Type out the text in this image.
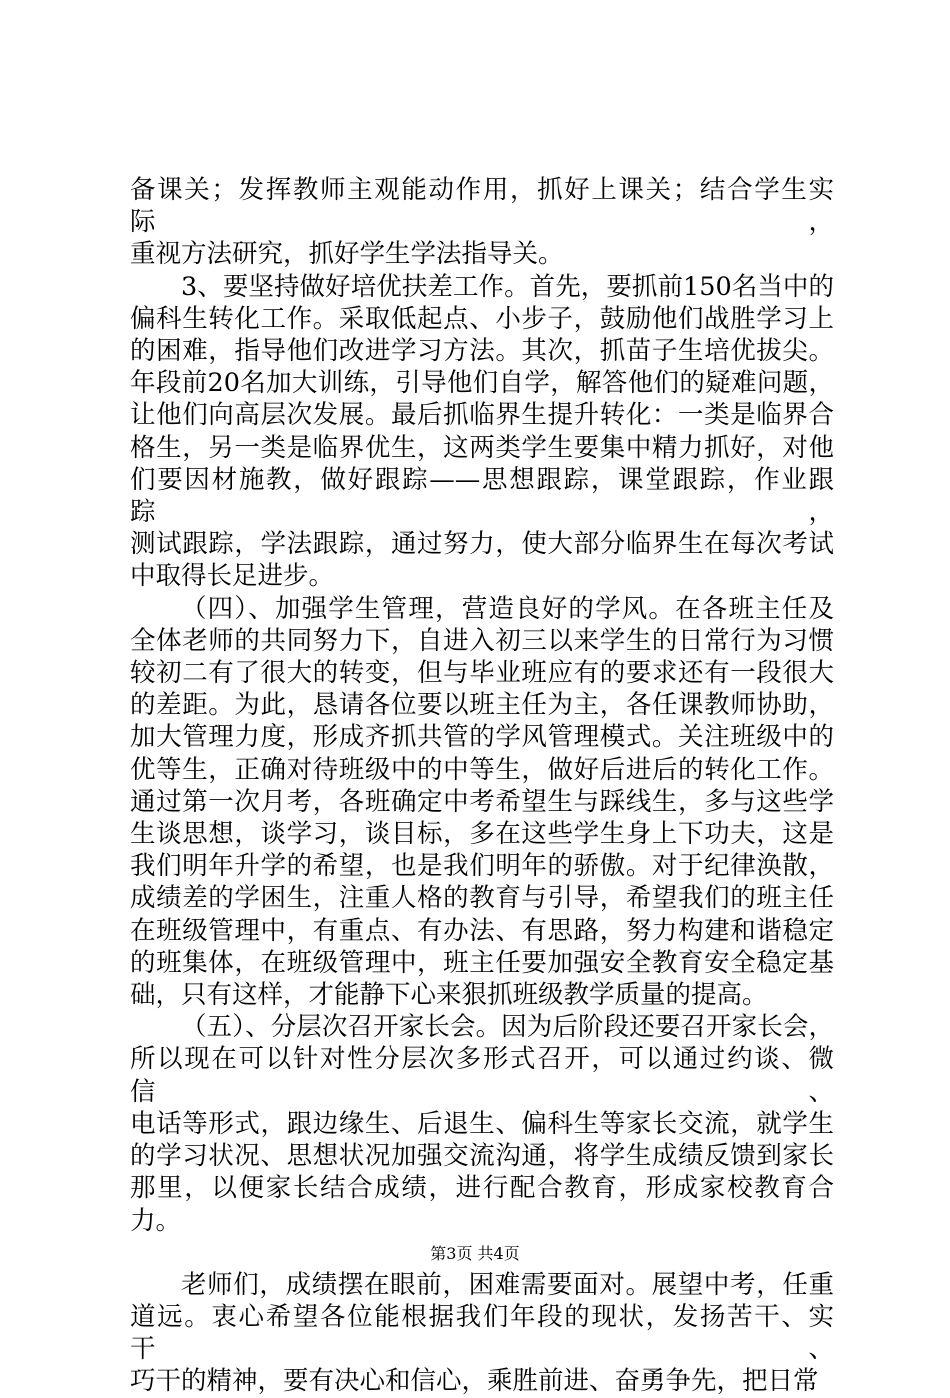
备课关；发挥教师主观能动作用，抓好上课关；结合学生实际，

重视方法研究，抓好学生学法指导关。

3、要坚持做好培优扶差工作。首先，要抓前150名当中的

偏科生转化工作。采取低起点、小步子，鼓励他们战胜学习上

的困难，指导他们改进学习方法。其次，抓苗子生培优拔尖。

年段前20名加大训练，引导他们自学，解答他们的疑难问题，

让他们向高层次发展。最后抓临界生提升转化：一类是临界合

格生，另一类是临界优生，这两类学生要集中精力抓好，对他

们要因材施教，做好跟踪——思想跟踪，课堂跟踪，作业跟踪，

测试跟踪，学法跟踪，通过努力，使大部分临界生在每次考试

中取得长足进步。

（四）、加强学生管理，营造良好的学风。在各班主任及

全体老师的共同努力下，自进入初三以来学生的日常行为习惯

较初二有了很大的转变，但与毕业班应有的要求还有一段很大

的差距。为此，恳请各位要以班主任为主，各任课教师协助，

加大管理力度，形成齐抓共管的学风管理模式。关注班级中的

优等生，正确对待班级中的中等生，做好后进后的转化工作。

通过第一次月考，各班确定中考希望生与踩线生，多与这些学

生谈思想，谈学习，谈目标，多在这些学生身上下功夫，这是

我们明年升学的希望，也是我们明年的骄傲。对于纪律涣散，

成绩差的学困生，注重人格的教育与引导，希望我们的班主任

在班级管理中，有重点、有办法、有思路，努力构建和谐稳定

的班集体，在班级管理中，班主任要加强安全教育安全稳定基

础，只有这样，才能静下心来狠抓班级教学质量的提高。

（五）、分层次召开家长会。因为后阶段还要召开家长会，

所以现在可以针对性分层次多形式召开，可以通过约谈、微信、

电话等形式，跟边缘生、后退生、偏科生等家长交流，就学生

的学习状况、思想状况加强交流沟通，将学生成绩反馈到家长

那里，以便家长结合成绩，进行配合教育，形成家校教育合力。

老师们，成绩摆在眼前，困难需要面对。展望中考，任重

道远。衷心希望各位能根据我们年段的现状，发扬苦干、实干、

巧干的精神，要有决心和信心，乘胜前进、奋勇争先，把日常

第3页 共4页
